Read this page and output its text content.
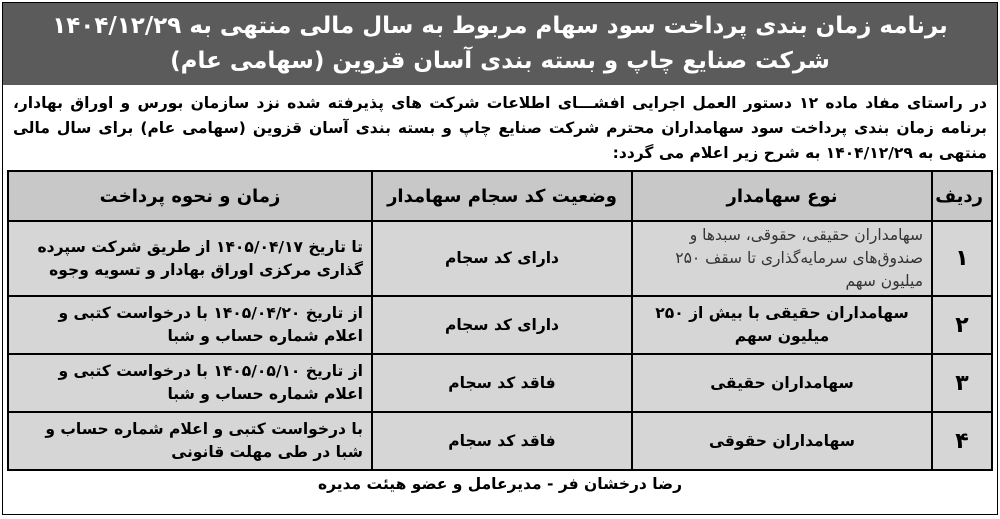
برنامه زمان بندی پرداخت سود سهام مربوط به سال مالی منتهی به ۱۴۰۴/۱۲/۲۹
شرکت صنایع چاپ و بسته بندی آسان قزوین (سهامی عام)
در راستای مفاد ماده ۱۲ دستور العمل اجرایی افشـــای اطلاعات شرکت های پذیرفته شده نزد سازمان بورس و اوراق بهادار، برنامه زمان بندی پرداخت سود سهامداران محترم شرکت صنایع چاپ و بسته بندی آسان قزوین (سهامی عام) برای سال مالی منتهی به ۱۴۰۴/۱۲/۲۹ به شرح زیر اعلام می گردد:
ردیف	نوع سهامدار	وضعیت کد سجام سهامدار	زمان و نحوه پرداخت
۱	سهامداران حقیقی، حقوقی، سبدها و صندوق‌های سرمایه‌گذاری تا سقف ۲۵۰ میلیون سهم	دارای کد سجام	تا تاریخ ۱۴۰۵/۰۴/۱۷ از طریق شرکت سپرده گذاری مرکزی اوراق بهادار و تسویه وجوه
۲	سهامداران حقیقی با بیش از ۲۵۰ میلیون سهم	دارای کد سجام	از تاریخ ۱۴۰۵/۰۴/۲۰ با درخواست کتبی و اعلام شماره حساب و شبا
۳	سهامداران حقیقی	فاقد کد سجام	از تاریخ ۱۴۰۵/۰۵/۱۰ با درخواست کتبی و اعلام شماره حساب و شبا
۴	سهامداران حقوقی	فاقد کد سجام	با درخواست کتبی و اعلام شماره حساب و شبا در طی مهلت قانونی
رضا درخشان فر - مدیرعامل و عضو هیئت مدیره
